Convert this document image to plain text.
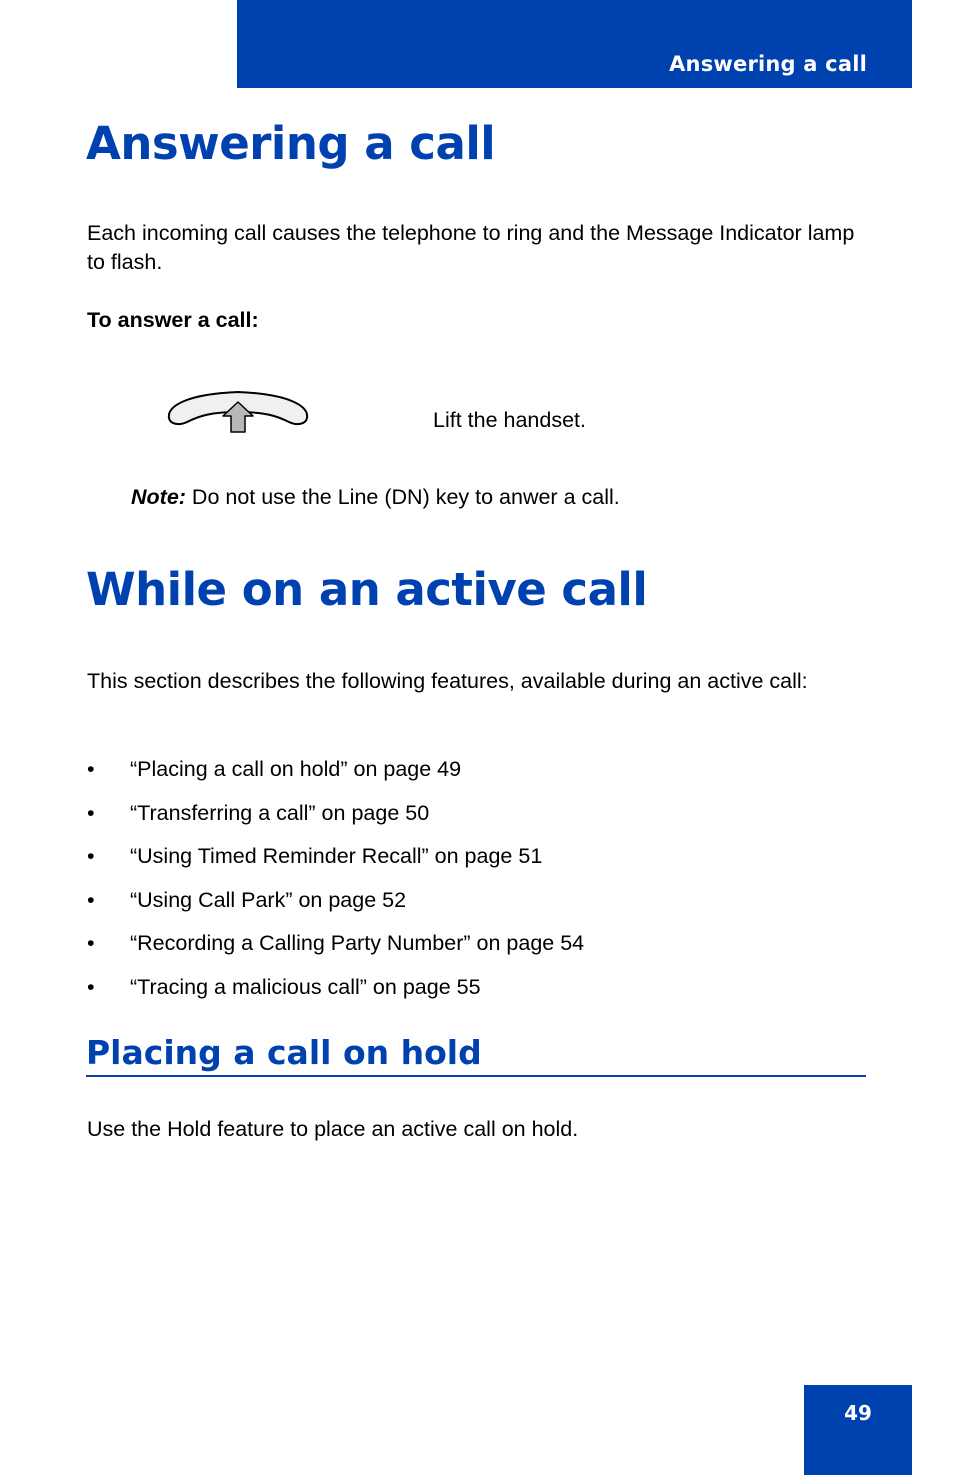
Answering a call
Answering a call

Each incoming call causes the telephone to ring and the Message Indicator lamp to flash.

To answer a call:

Lift the handset.

Note: Do not use the Line (DN) key to anwer a call.

While on an active call

This section describes the following features, available during an active call:

• “Placing a call on hold” on page 49
• “Transferring a call” on page 50
• “Using Timed Reminder Recall” on page 51
• “Using Call Park” on page 52
• “Recording a Calling Party Number” on page 54
• “Tracing a malicious call” on page 55
Placing a call on hold

Use the Hold feature to place an active call on hold.

49
